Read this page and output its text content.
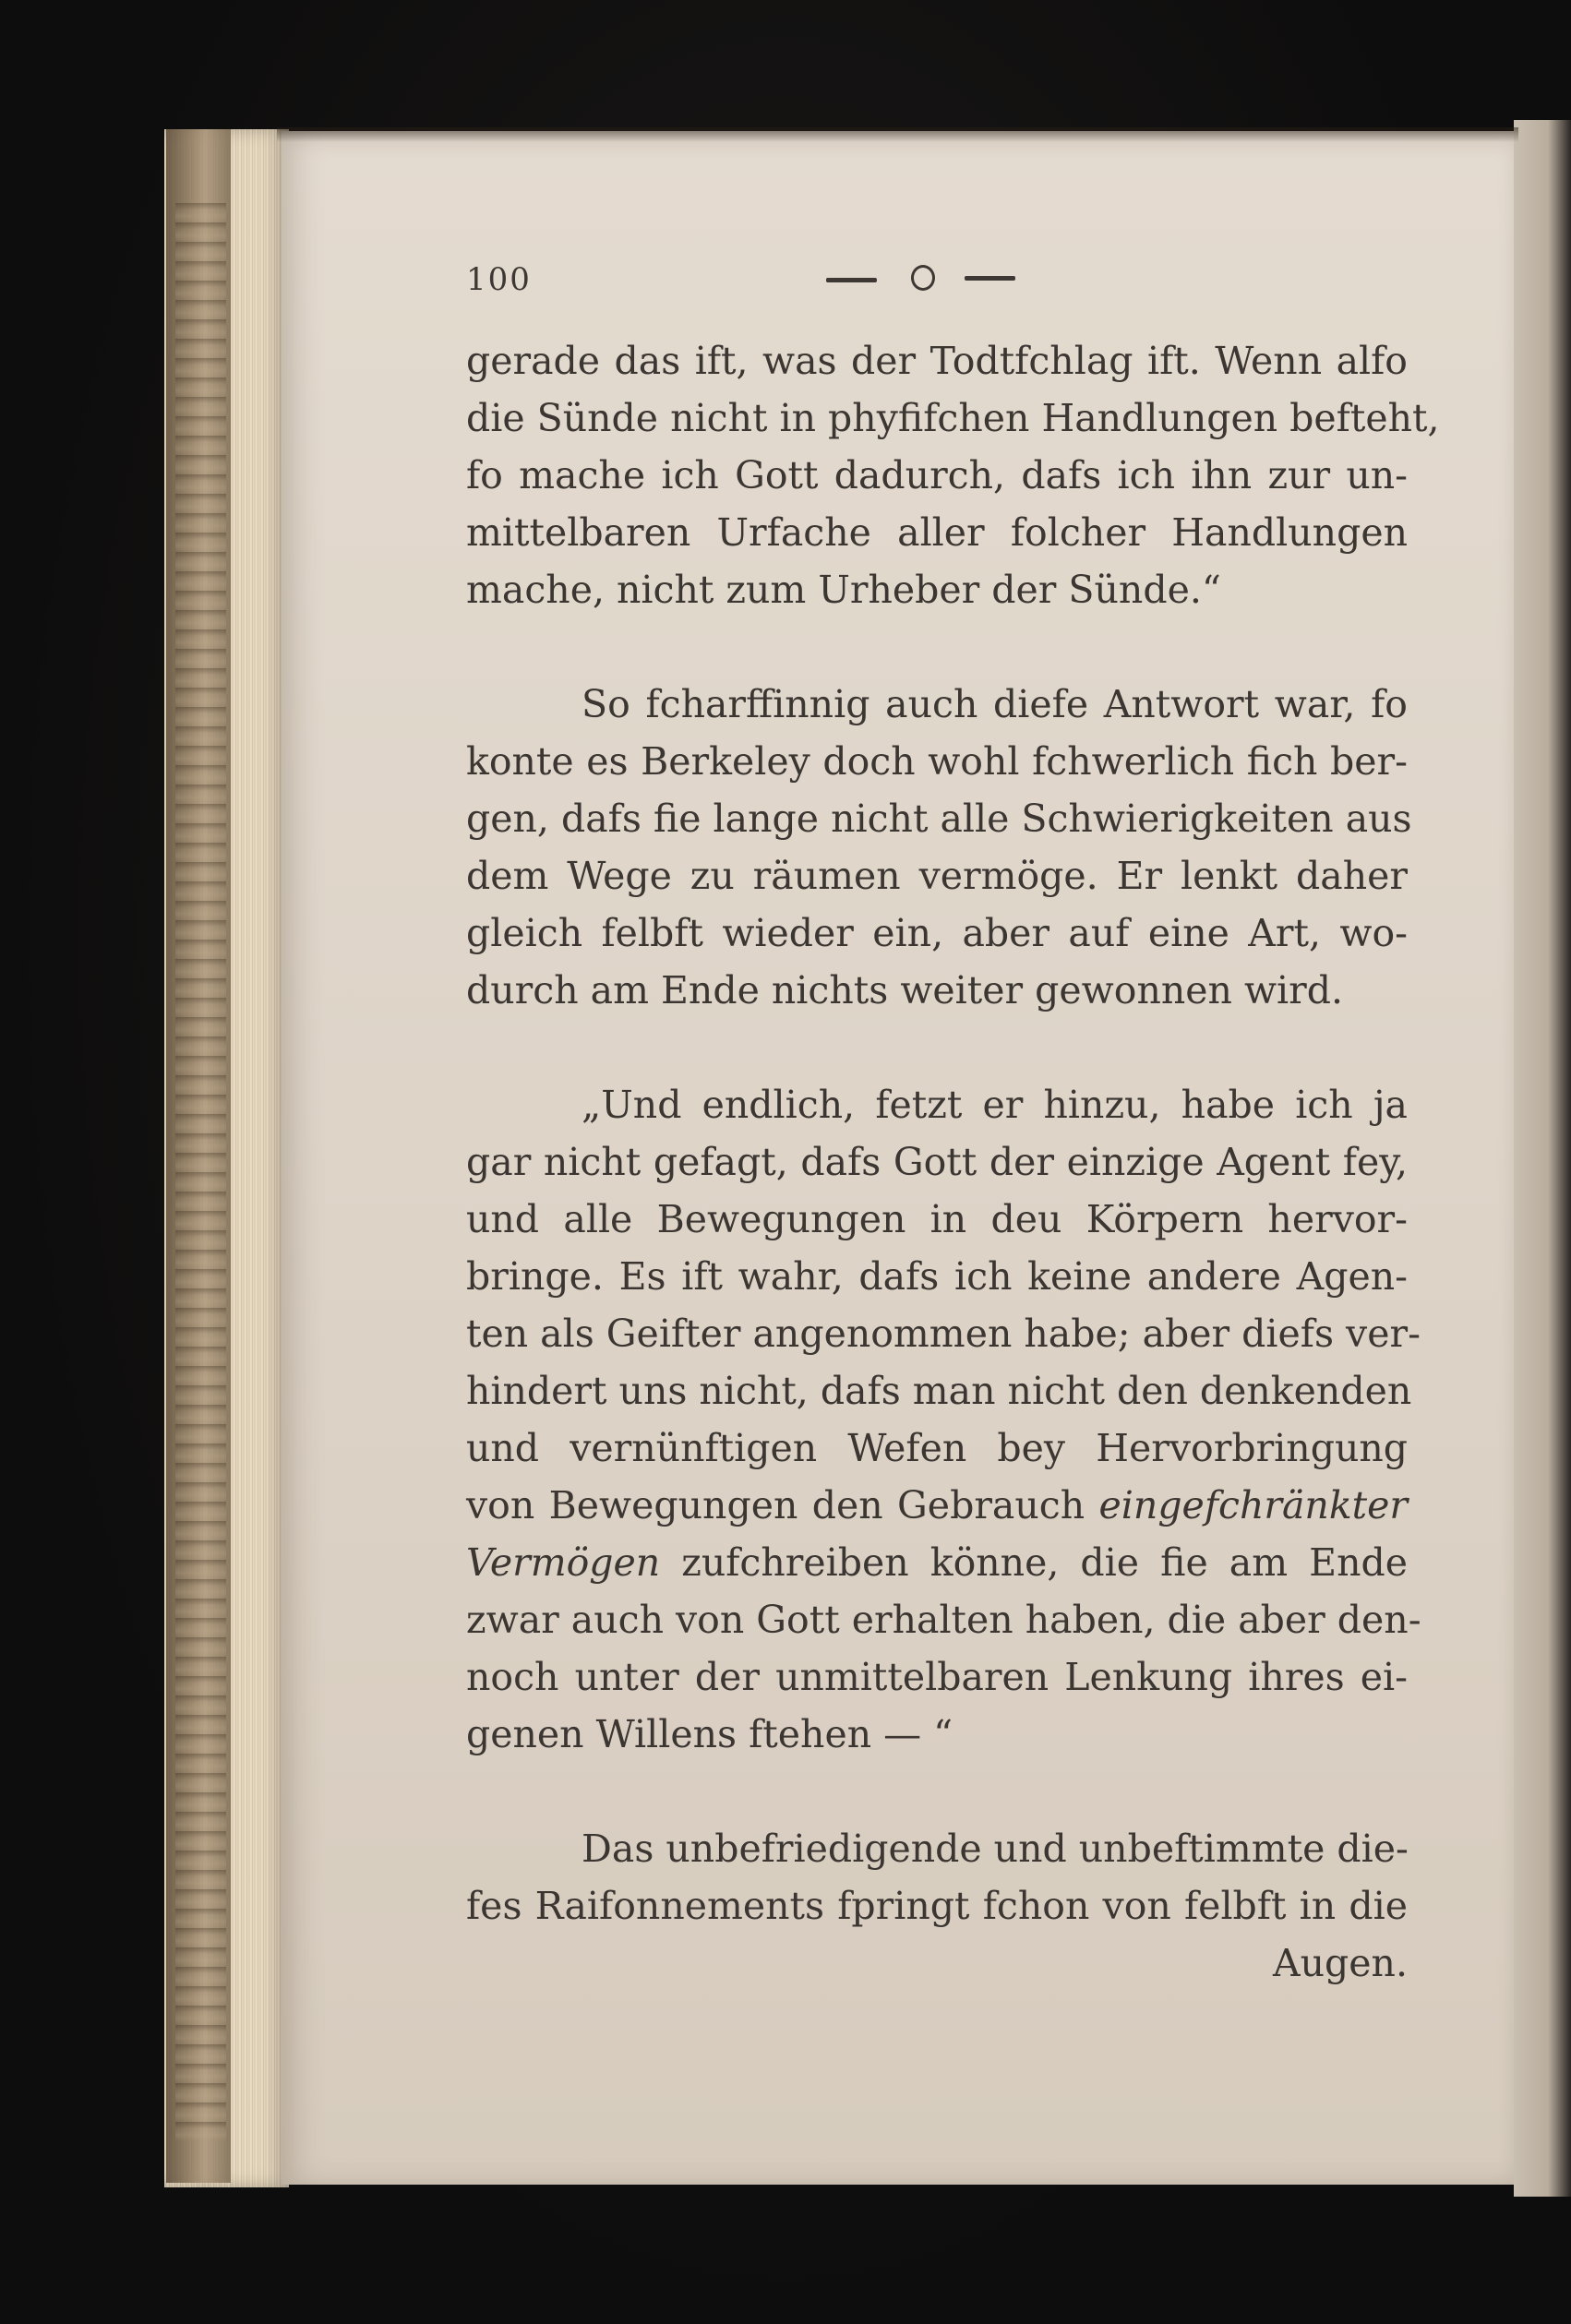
100
gerade das ift, was der Todtfchlag ift. Wenn alfo
die Sünde nicht in phyfifchen Handlungen befteht,
fo mache ich Gott dadurch, dafs ich ihn zur un-
mittelbaren Urfache aller folcher Handlungen
mache, nicht zum Urheber der Sünde.“
So fcharffinnig auch diefe Antwort war, fo
konte es Berkeley doch wohl fchwerlich fich ber-
gen, dafs fie lange nicht alle Schwierigkeiten aus
dem Wege zu räumen vermöge. Er lenkt daher
gleich felbft wieder ein, aber auf eine Art, wo-
durch am Ende nichts weiter gewonnen wird.
„Und endlich, fetzt er hinzu, habe ich ja
gar nicht gefagt, dafs Gott der einzige Agent fey,
und alle Bewegungen in deu Körpern hervor-
bringe. Es ift wahr, dafs ich keine andere Agen-
ten als Geifter angenommen habe; aber diefs ver-
hindert uns nicht, dafs man nicht den denkenden
und vernünftigen Wefen bey Hervorbringung
von Bewegungen den Gebrauch eingefchränkter
Vermögen zufchreiben könne, die fie am Ende
zwar auch von Gott erhalten haben, die aber den-
noch unter der unmittelbaren Lenkung ihres ei-
genen Willens ftehen — “
Das unbefriedigende und unbeftimmte die-
fes Raifonnements fpringt fchon von felbft in die
Augen.
